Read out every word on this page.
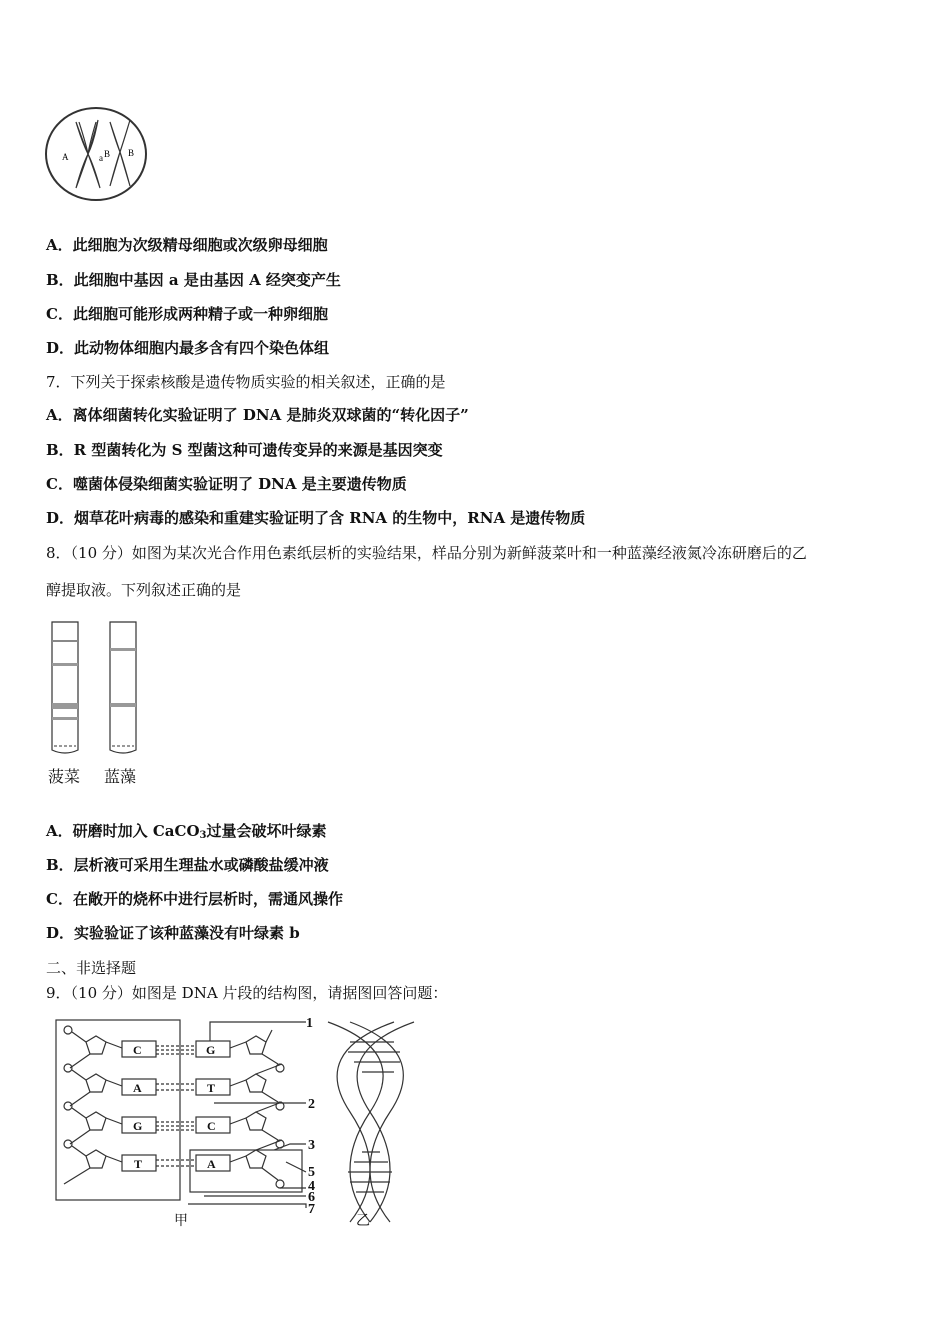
A	a B B
A．此细胞为次级精母细胞或次级卵母细胞
B．此细胞中基因 a 是由基因 A 经突变产生
C．此细胞可能形成两种精子或一种卵细胞
D．此动物体细胞内最多含有四个染色体组
7．下列关于探索核酸是遗传物质实验的相关叙述，正确的是
A．离体细菌转化实验证明了 DNA 是肺炎双球菌的“转化因子”
B．R 型菌转化为 S 型菌这种可遗传变异的来源是基因突变
C．噬菌体侵染细菌实验证明了 DNA 是主要遗传物质
D．烟草花叶病毒的感染和重建实验证明了含 RNA 的生物中，RNA 是遗传物质
8．（10 分）如图为某次光合作用色素纸层析的实验结果，样品分别为新鲜菠菜叶和一种蓝藻经液氮冷冻研磨后的乙
醇提取液。下列叙述正确的是
菠菜 蓝藻
A．研磨时加入 CaCO$_3$过量会破坏叶绿素
B．层析液可采用生理盐水或磷酸盐缓冲液
C．在敞开的烧杯中进行层析时，需通风操作
D．实验验证了该种蓝藻没有叶绿素 b
二、非选择题
9．（10 分）如图是 DNA 片段的结构图，请据图回答问题：
C
A
G
T
G
T
C
A
1
2
3
5
4
6
7
甲	乙
